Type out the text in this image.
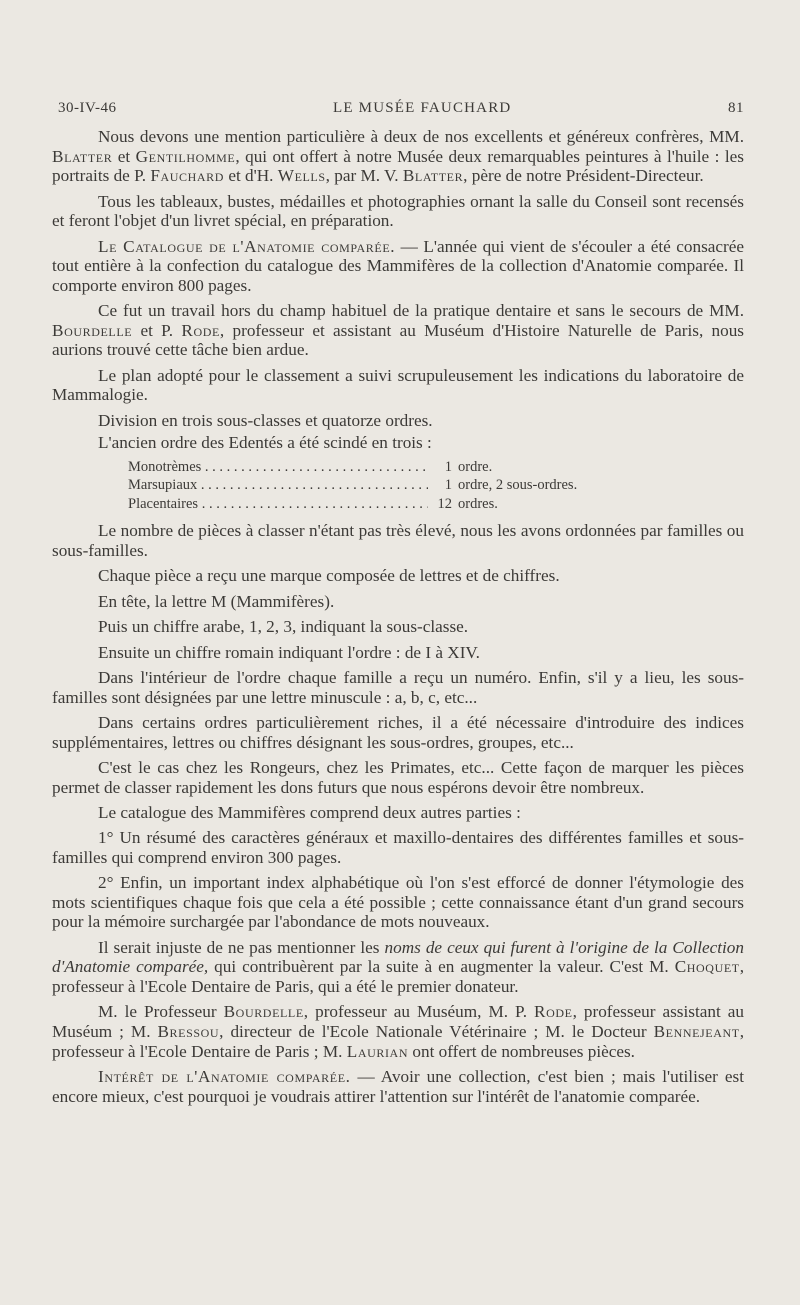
30-IV-46	LE MUSÉE FAUCHARD	81

Nous devons une mention particulière à deux de nos excellents et généreux confrères, MM. Blatter et Gentilhomme, qui ont offert à notre Musée deux remarquables peintures à l'huile : les portraits de P. Fauchard et d'H. Wells, par M. V. Blatter, père de notre Président-Directeur.

Tous les tableaux, bustes, médailles et photographies ornant la salle du Conseil sont recensés et feront l'objet d'un livret spécial, en préparation.

Le Catalogue de l'Anatomie comparée. — L'année qui vient de s'écouler a été consacrée tout entière à la confection du catalogue des Mammifères de la collection d'Anatomie comparée. Il comporte environ 800 pages.

Ce fut un travail hors du champ habituel de la pratique dentaire et sans le secours de MM. Bourdelle et P. Rode, professeur et assistant au Muséum d'Histoire Naturelle de Paris, nous aurions trouvé cette tâche bien ardue.

Le plan adopté pour le classement a suivi scrupuleusement les indications du laboratoire de Mammalogie.

Division en trois sous-classes et quatorze ordres.

L'ancien ordre des Edentés a été scindé en trois :

Monotrèmes . . .	1 ordre.
Marsupiaux . . .	1 ordre, 2 sous-ordres.
Placentaires . . .	12 ordres.

Le nombre de pièces à classer n'étant pas très élevé, nous les avons ordonnées par familles ou sous-familles.

Chaque pièce a reçu une marque composée de lettres et de chiffres.

En tête, la lettre M (Mammifères).

Puis un chiffre arabe, 1, 2, 3, indiquant la sous-classe.

Ensuite un chiffre romain indiquant l'ordre : de I à XIV.

Dans l'intérieur de l'ordre chaque famille a reçu un numéro. Enfin, s'il y a lieu, les sous-familles sont désignées par une lettre minuscule : a, b, c, etc...

Dans certains ordres particulièrement riches, il a été nécessaire d'introduire des indices supplémentaires, lettres ou chiffres désignant les sous-ordres, groupes, etc...

C'est le cas chez les Rongeurs, chez les Primates, etc... Cette façon de marquer les pièces permet de classer rapidement les dons futurs que nous espérons devoir être nombreux.

Le catalogue des Mammifères comprend deux autres parties :

1° Un résumé des caractères généraux et maxillo-dentaires des différentes familles et sous-familles qui comprend environ 300 pages.

2° Enfin, un important index alphabétique où l'on s'est efforcé de donner l'étymologie des mots scientifiques chaque fois que cela a été possible ; cette connaissance étant d'un grand secours pour la mémoire surchargée par l'abondance de mots nouveaux.

Il serait injuste de ne pas mentionner les noms de ceux qui furent à l'origine de la Collection d'Anatomie comparée, qui contribuèrent par la suite à en augmenter la valeur. C'est M. Choquet, professeur à l'Ecole Dentaire de Paris, qui a été le premier donateur.

M. le Professeur Bourdelle, professeur au Muséum, M. P. Rode, professeur assistant au Muséum ; M. Bressou, directeur de l'Ecole Nationale Vétérinaire ; M. le Docteur Bennejeant, professeur à l'Ecole Dentaire de Paris ; M. Laurian ont offert de nombreuses pièces.

Intérêt de l'Anatomie comparée. — Avoir une collection, c'est bien ; mais l'utiliser est encore mieux, c'est pourquoi je voudrais attirer l'attention sur l'intérêt de l'anatomie comparée.
